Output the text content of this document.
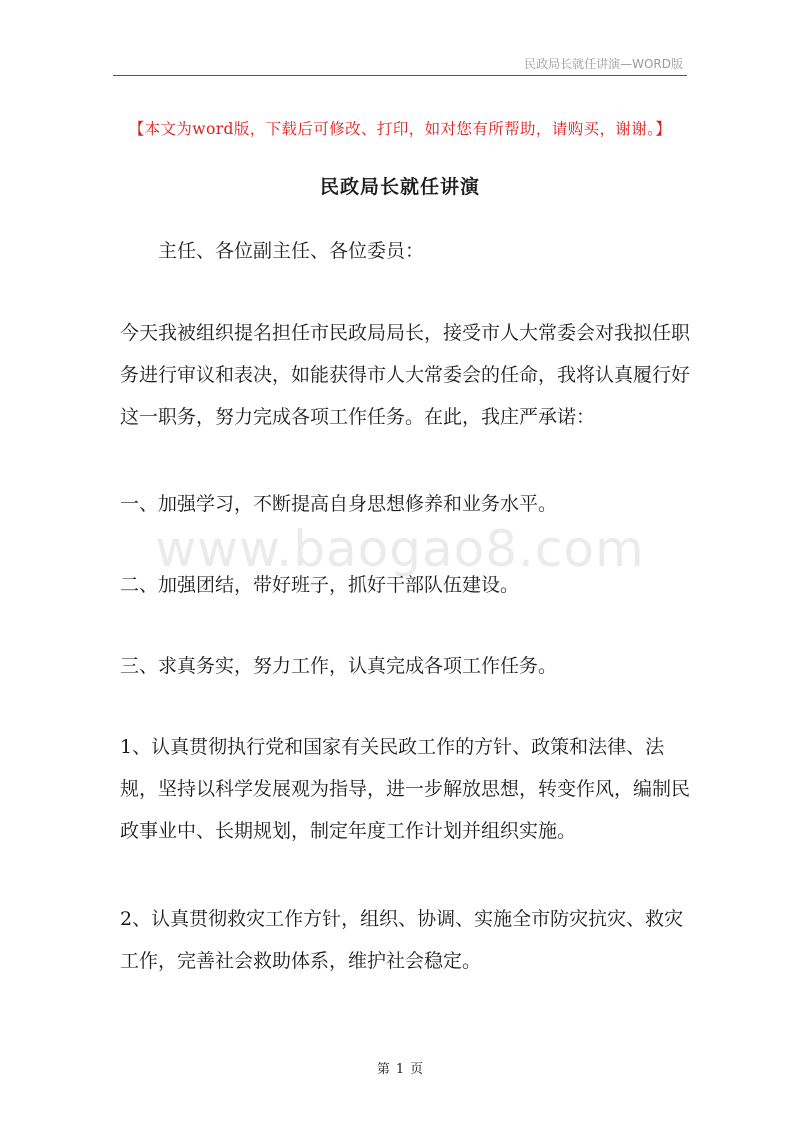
民政局长就任讲演—WORD版
【本文为word版，下载后可修改、打印，如对您有所帮助，请购买，谢谢。】
民政局长就任讲演
www.baogao8.com
主任、各位副主任、各位委员：
今天我被组织提名担任市民政局局长，接受市人大常委会对我拟任职务进行审议和表决，如能获得市人大常委会的任命，我将认真履行好这一职务，努力完成各项工作任务。在此，我庄严承诺：
一、加强学习，不断提高自身思想修养和业务水平。
二、加强团结，带好班子，抓好干部队伍建设。
三、求真务实，努力工作，认真完成各项工作任务。
1、认真贯彻执行党和国家有关民政工作的方针、政策和法律、法规，坚持以科学发展观为指导，进一步解放思想，转变作风，编制民政事业中、长期规划，制定年度工作计划并组织实施。
2、认真贯彻救灾工作方针，组织、协调、实施全市防灾抗灾、救灾工作，完善社会救助体系，维护社会稳定。
第 1 页
